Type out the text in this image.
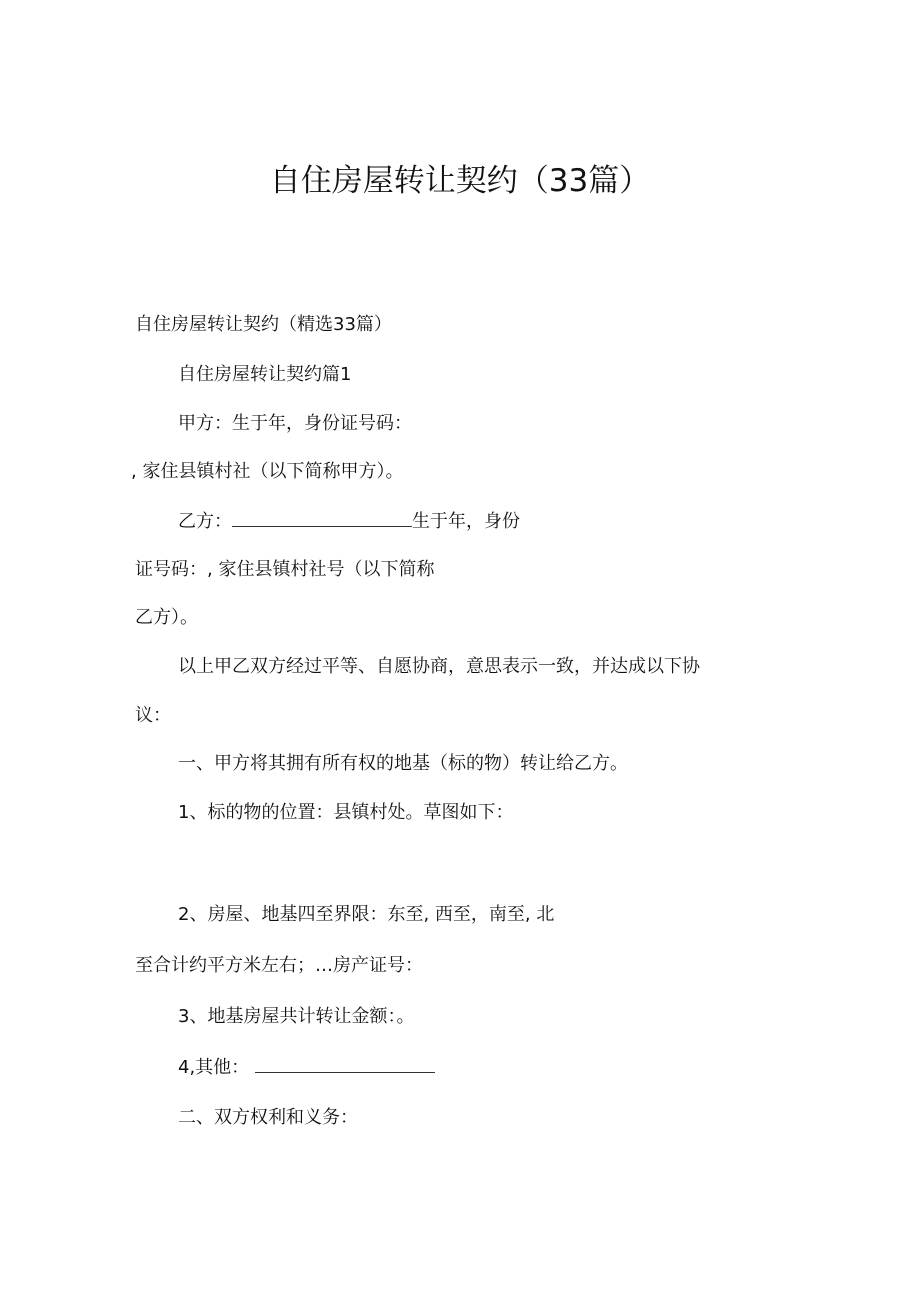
自住房屋转让契约（33篇）
自住房屋转让契约（精选33篇）
自住房屋转让契约篇1
甲方：生于年，身份证号码：
, 家住县镇村社（以下简称甲方）。
乙方：	生于年，身份
证号码：, 家住县镇村社号（以下简称
乙方）。
以上甲乙双方经过平等、自愿协商，意思表示一致，并达成以下协
议：
一、甲方将其拥有所有权的地基（标的物）转让给乙方。
1、标的物的位置：县镇村处。草图如下：
2、房屋、地基四至界限：东至, 西至，南至, 北
至合计约平方米左右；…房产证号：
3、地基房屋共计转让金额：。
4,其他：
二、双方权利和义务：
